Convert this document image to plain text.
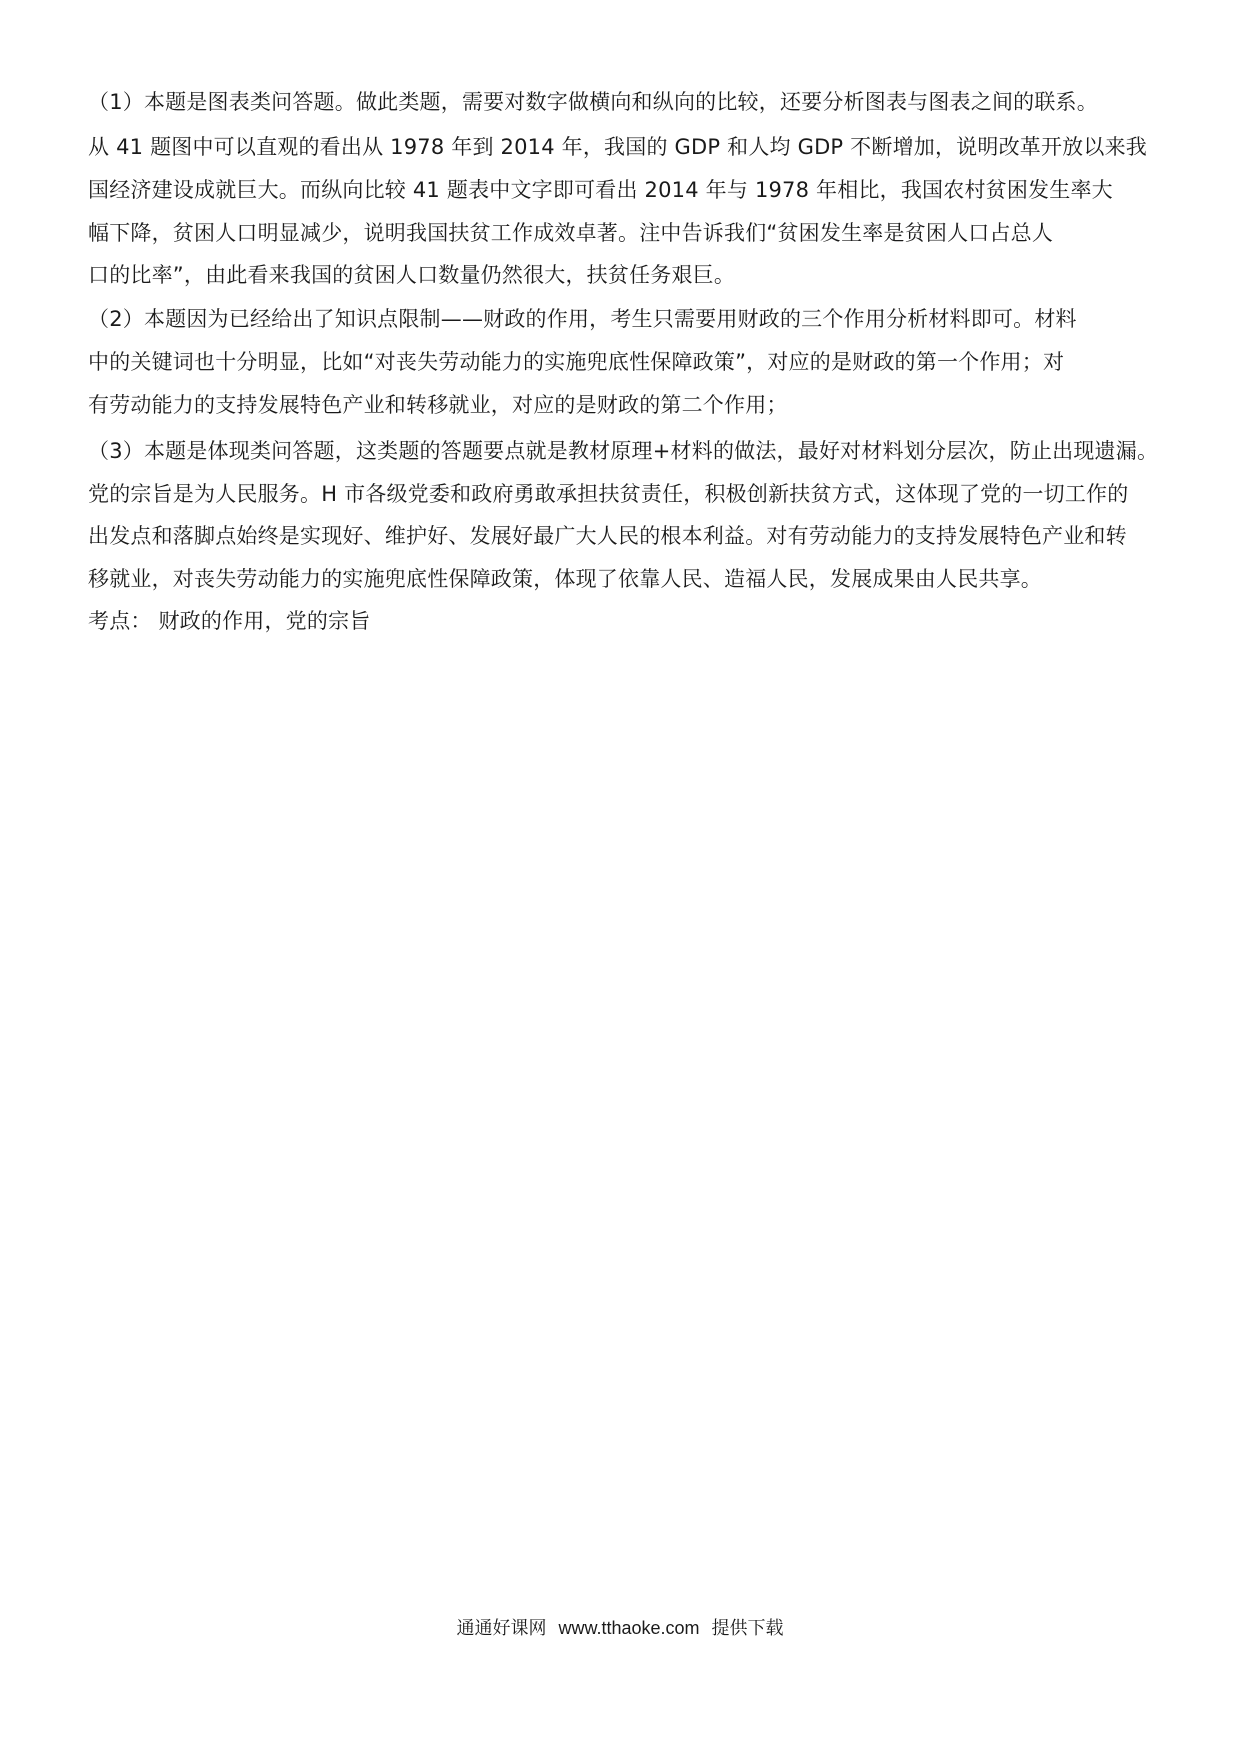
（1）本题是图表类问答题。做此类题，需要对数字做横向和纵向的比较，还要分析图表与图表之间的联系。
从 41 题图中可以直观的看出从 1978 年到 2014 年，我国的 GDP 和人均 GDP 不断增加，说明改革开放以来我
国经济建设成就巨大。而纵向比较 41 题表中文字即可看出 2014 年与 1978 年相比，我国农村贫困发生率大
幅下降，贫困人口明显减少，说明我国扶贫工作成效卓著。注中告诉我们“贫困发生率是贫困人口占总人
口的比率”，由此看来我国的贫困人口数量仍然很大，扶贫任务艰巨。
（2）本题因为已经给出了知识点限制——财政的作用，考生只需要用财政的三个作用分析材料即可。材料
中的关键词也十分明显，比如“对丧失劳动能力的实施兜底性保障政策”，对应的是财政的第一个作用；对
有劳动能力的支持发展特色产业和转移就业，对应的是财政的第二个作用；
（3）本题是体现类问答题，这类题的答题要点就是教材原理+材料的做法，最好对材料划分层次，防止出现遗漏。
党的宗旨是为人民服务。H 市各级党委和政府勇敢承担扶贫责任，积极创新扶贫方式，这体现了党的一切工作的
出发点和落脚点始终是实现好、维护好、发展好最广大人民的根本利益。对有劳动能力的支持发展特色产业和转
移就业，对丧失劳动能力的实施兜底性保障政策，体现了依靠人民、造福人民，发展成果由人民共享。
考点： 财政的作用，党的宗旨
通通好课网 www.tthaoke.com 提供下载
